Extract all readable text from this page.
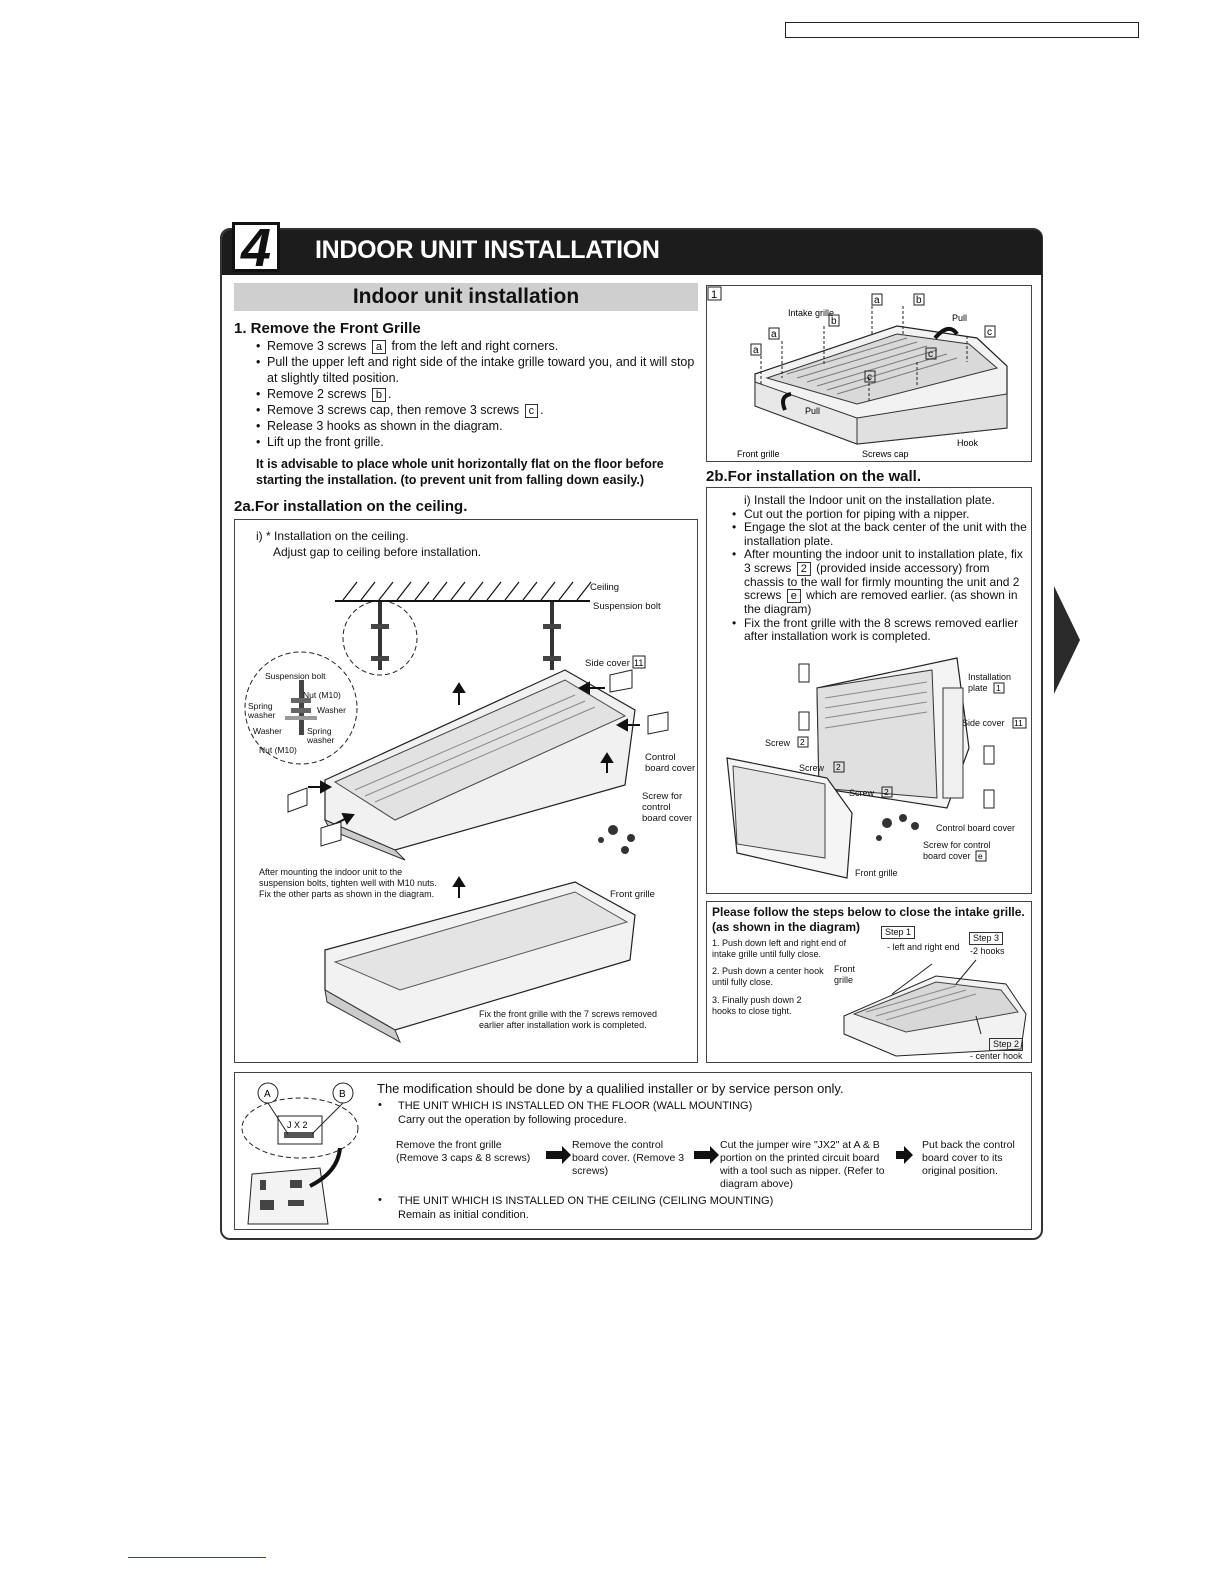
4	INDOOR UNIT INSTALLATION
Indoor unit installation
1. Remove the Front Grille
• Remove 3 screws a from the left and right corners.
• Pull the upper left and right side of the intake grille toward you, and it will stop at slightly tilted position.
• Remove 2 screws b .
• Remove 3 screws cap, then remove 3 screws c .
• Release 3 hooks as shown in the diagram.
• Lift up the front grille.
It is advisable to place whole unit horizontally flat on the floor before starting the installation. (to prevent unit from falling down easily.)
1
Intake grille	Pull
Pull
Front grille	Screws cap
Hook
a
a
a
b
b
c
c
c
2b.For installation on the wall.
2a.For installation on the ceiling.
i) * Installation on the ceiling.
Adjust gap to ceiling before installation.
Ceiling
Suspension bolt
Side cover
Control
board cover
Screw for
control
board cover
Front grille
11
Suspension bolt
Nut (M10)
Spring
washer	Washer
Washer	Spring
washer
Nut (M10)
After mounting the indoor unit to the suspension bolts, tighten well with M10 nuts. Fix the other parts as shown in the diagram.
Fix the front grille with the 7 screws removed earlier after installation work is completed.
i) Install the Indoor unit on the installation plate.
• Cut out the portion for piping with a nipper.
• Engage the slot at the back center of the unit with the installation plate.
• After mounting the indoor unit to installation plate, fix 3 screws 2 (provided inside accessory) from chassis to the wall for firmly mounting the unit and 2 screws e which are removed earlier. (as shown in the diagram)
• Fix the front grille with the 8 screws removed earlier after installation work is completed.
Installation
plate
Side cover
Screw
Screw
Screw
Control board cover
Screw for control
board cover
Front grille
1
11
2
2
2
e
Please follow the steps below to close the intake grille.
(as shown in the diagram)	Step 1
- left and right end
Step 3
-2 hooks
1. Push down left and right end of intake grille until fully close.
2. Push down a center hook until fully close.
3. Finally push down 2 hooks to close tight.
Front grille
Step 2
- center hook
A	B
J X 2
The modification should be done by a qualilied installer or by service person only.
• THE UNIT WHICH IS INSTALLED ON THE FLOOR (WALL MOUNTING)
Carry out the operation by following procedure.
Remove the front grille (Remove 3 caps & 8 screws)
Remove the control board cover. (Remove 3 screws)
Cut the jumper wire "JX2" at A & B portion on the printed circuit board with a tool such as nipper. (Refer to diagram above)
Put back the control board cover to its original position.
• THE UNIT WHICH IS INSTALLED ON THE CEILING (CEILING MOUNTING)
Remain as initial condition.
